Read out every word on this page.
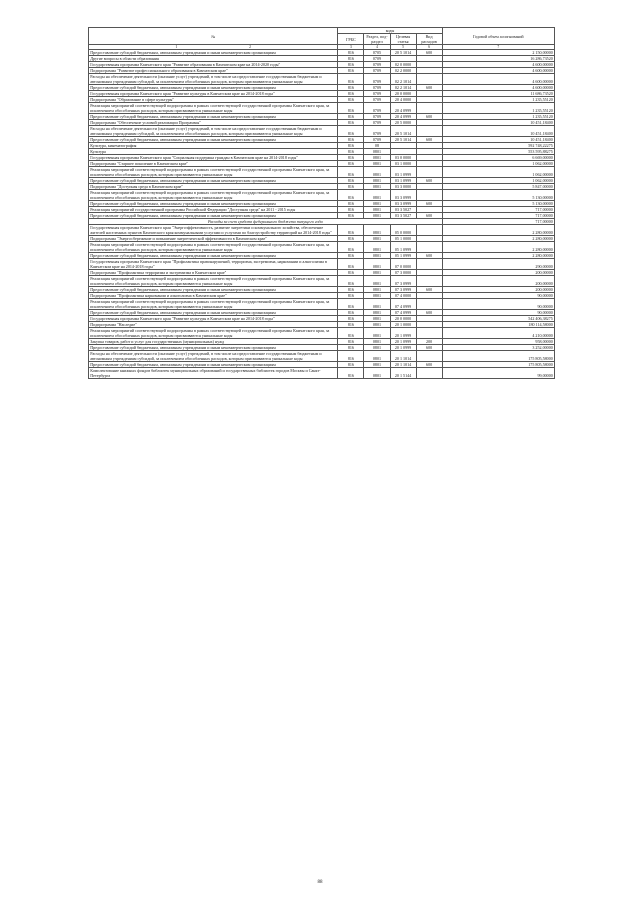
№	коды				Годовой объем ассигнований
	ГРБС	Раздел, под-раздел	Целевая статья	Вид расходов	
1 2	3	4	5	6	7
Предоставление субсидий бюджетным, автономным учреждениям и иным некоммерческим организациям	816	0705	20 5 1014	600	2 150,00000
Другие вопросы в области образования	816	0709			16 286,73520
Государственная программа Камчатского края "Развитие образования в Камчатском крае на 2014-2020 годы"	816	0709	02 0 0000		4 600,00000
Подпрограмма "Развитие профессионального образования в Камчатском крае"	816	0709	02 2 0000		4 600,00000
Расходы на обеспечение деятельности (оказание услуг) учреждений, в том числе на предоставление государственным бюджетным и автономным учреждениям субсидий, за исключением обособленных расходов, которым присваиваются уникальные коды	816	0709	02 2 1014		4 600,00000
Предоставление субсидий бюджетным, автономным учреждениям и иным некоммерческим организациям	816	0709	02 2 1014	600	4 600,00000
Государственная программа Камчатского края "Развитие культуры в Камчатском крае на 2014-2018 годы"	816	0709	20 0 0000		11 686,73520
Подпрограмма "Образование в сфере культуры"	816	0709	20 4 0000		1 235,55120
Реализация мероприятий соответствующей подпрограммы в рамках соответствующей государственной программы Камчатского края, за исключением обособленных расходов, которым присваиваются уникальные коды	816	0709	20 4 0999		1 235,55120
Предоставление субсидий бюджетным, автономным учреждениям и иным некоммерческим организациям	816	0709	20 4 0999	600	1 235,55120
Подпрограмма "Обеспечение условий реализации Программы"	816	0709	20 5 0000		10 451,18400
Расходы на обеспечение деятельности (оказание услуг) учреждений, в том числе на предоставление государственным бюджетным и автономным учреждениям субсидий, за исключением обособленных расходов, которым присваиваются уникальные коды	816	0709	20 5 1014		10 451,18400
Предоставление субсидий бюджетным, автономным учреждениям и иным некоммерческим организациям	816	0709	20 5 1014	600	10 451,18400
Культура, кинематография	816	08			592 748,22275
Культура	816	0801			553 595,88275
Государственная программа Камчатского края "Социальная поддержка граждан в Камчатском крае на 2014-2018 годы"	816	0801	03 0 0000		6 669,00000
Подпрограмма "Старшее поколение в Камчатском крае"	816	0801	03 1 0000		1 062,00000
Реализация мероприятий соответствующей подпрограммы в рамках соответствующей государственной программы Камчатского края, за исключением обособленных расходов, которым присваиваются уникальные коды	816	0801	03 1 0999		1 062,00000
Предоставление субсидий бюджетным, автономным учреждениям и иным некоммерческим организациям	816	0801	03 1 0999	600	1 062,00000
Подпрограмма "Доступная среда в Камчатском крае"	816	0801	03 3 0000		5 847,00000
Реализация мероприятий соответствующей подпрограммы в рамках соответствующей государственной программы Камчатского края, за исключением обособленных расходов, которым присваиваются уникальные коды	816	0801	03 3 0999		5 130,00000
Предоставление субсидий бюджетным, автономным учреждениям и иным некоммерческим организациям	816	0801	03 3 0999	600	5 130,00000
Реализация мероприятий государственной программы Российской Федерации "Доступная среда" на 2011 - 2015 годы	816	0801	03 3 5027		717,00000
Предоставление субсидий бюджетным, автономным учреждениям и иным некоммерческим организациям	816	0801	03 3 5027	600	717,00000
Расходы за счет средств федерального бюджета текущего года					717,00000
Государственная программа Камчатского края "Энергоэффективность, развитие энергетики и коммунального хозяйства, обеспечение жителей населенных пунктов Камчатского края коммунальными услугами и услугами по благоустройству территорий на 2014-2018 годы"	816	0801	05 0 0000		2 280,00000
Подпрограмма "Энергосбережение и повышение энергетической эффективности в Камчатском крае"	816	0801	05 1 0000		2 280,00000
Реализация мероприятий соответствующей подпрограммы в рамках соответствующей государственной программы Камчатского края, за исключением обособленных расходов, которым присваиваются уникальные коды	816	0801	05 1 0999		2 280,00000
Предоставление субсидий бюджетным, автономным учреждениям и иным некоммерческим организациям	816	0801	05 1 0999	600	2 280,00000
Государственная программа Камчатского края "Профилактика правонарушений, терроризма, экстремизма, наркомании и алкоголизма в Камчатском крае на 2014-2018 годы"	816	0801	07 0 0000		290,00000
Подпрограмма "Профилактика терроризма и экстремизма в Камчатском крае"	816	0801	07 3 0000		200,00000
Реализация мероприятий соответствующей подпрограммы в рамках соответствующей государственной программы Камчатского края, за исключением обособленных расходов, которым присваиваются уникальные коды	816	0801	07 3 0999		200,00000
Предоставление субсидий бюджетным, автономным учреждениям и иным некоммерческим организациям	816	0801	07 3 0999	600	200,00000
Подпрограмма "Профилактика наркомании и алкоголизма в Камчатском крае"	816	0801	07 4 0000		90,00000
Реализация мероприятий соответствующей подпрограммы в рамках соответствующей государственной программы Камчатского края, за исключением обособленных расходов, которым присваиваются уникальные коды	816	0801	07 4 0999		90,00000
Предоставление субсидий бюджетным, автономным учреждениям и иным некоммерческим организациям	816	0801	07 4 0999	600	90,00000
Государственная программа Камчатского края "Развитие культуры в Камчатском крае на 2014-2018 годы"	816	0801	20 0 0000		542 406,38275
Подпрограмма "Наследие"	816	0801	20 1 0000		180 114,58000
Реализация мероприятий соответствующей подпрограммы в рамках соответствующей государственной программы Камчатского края, за исключением обособленных расходов, которым присваиваются уникальные коды	816	0801	20 1 0999		4 210,00000
Закупка товаров, работ и услуг для государственных (муниципальных) нужд	816	0801	20 1 0999	200	958,00000
Предоставление субсидий бюджетным, автономным учреждениям и иным некоммерческим организациям	816	0801	20 1 0999	600	3 252,00000
Расходы на обеспечение деятельности (оказание услуг) учреждений, в том числе на предоставление государственным бюджетным и автономным учреждениям субсидий, за исключением обособленных расходов, которым присваиваются уникальные коды	816	0801	20 1 1014		175 805,58000
Предоставление субсидий бюджетным, автономным учреждениям и иным некоммерческим организациям	816	0801	20 1 1014	600	175 805,58000
Комплектование книжных фондов библиотек муниципальных образований и государственных библиотек городов Москвы и Санкт-Петербурга	816	0801	20 1 5144		99,00000
88
